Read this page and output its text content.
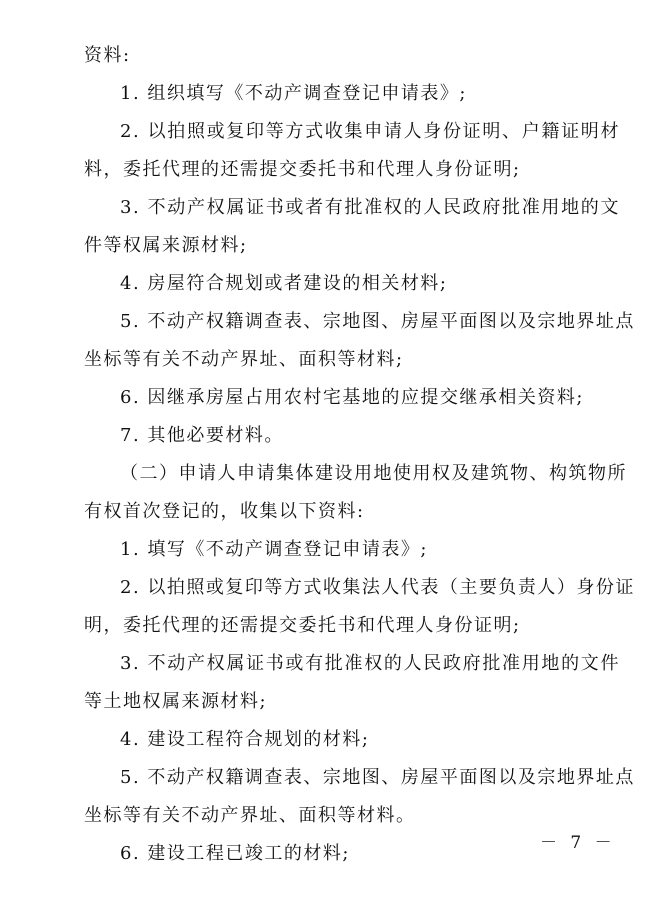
资料:
1. 组织填写《不动产调查登记申请表》;
2. 以拍照或复印等方式收集申请人身份证明、户籍证明材
料，委托代理的还需提交委托书和代理人身份证明;
3. 不动产权属证书或者有批准权的人民政府批准用地的文
件等权属来源材料;
4. 房屋符合规划或者建设的相关材料;
5. 不动产权籍调查表、宗地图、房屋平面图以及宗地界址点
坐标等有关不动产界址、面积等材料;
6. 因继承房屋占用农村宅基地的应提交继承相关资料;
7. 其他必要材料。
（二）申请人申请集体建设用地使用权及建筑物、构筑物所
有权首次登记的，收集以下资料:
1. 填写《不动产调查登记申请表》;
2. 以拍照或复印等方式收集法人代表（主要负责人）身份证
明，委托代理的还需提交委托书和代理人身份证明;
3. 不动产权属证书或有批准权的人民政府批准用地的文件
等土地权属来源材料;
4. 建设工程符合规划的材料;
5. 不动产权籍调查表、宗地图、房屋平面图以及宗地界址点
坐标等有关不动产界址、面积等材料。
6. 建设工程已竣工的材料;	－ 7 －
